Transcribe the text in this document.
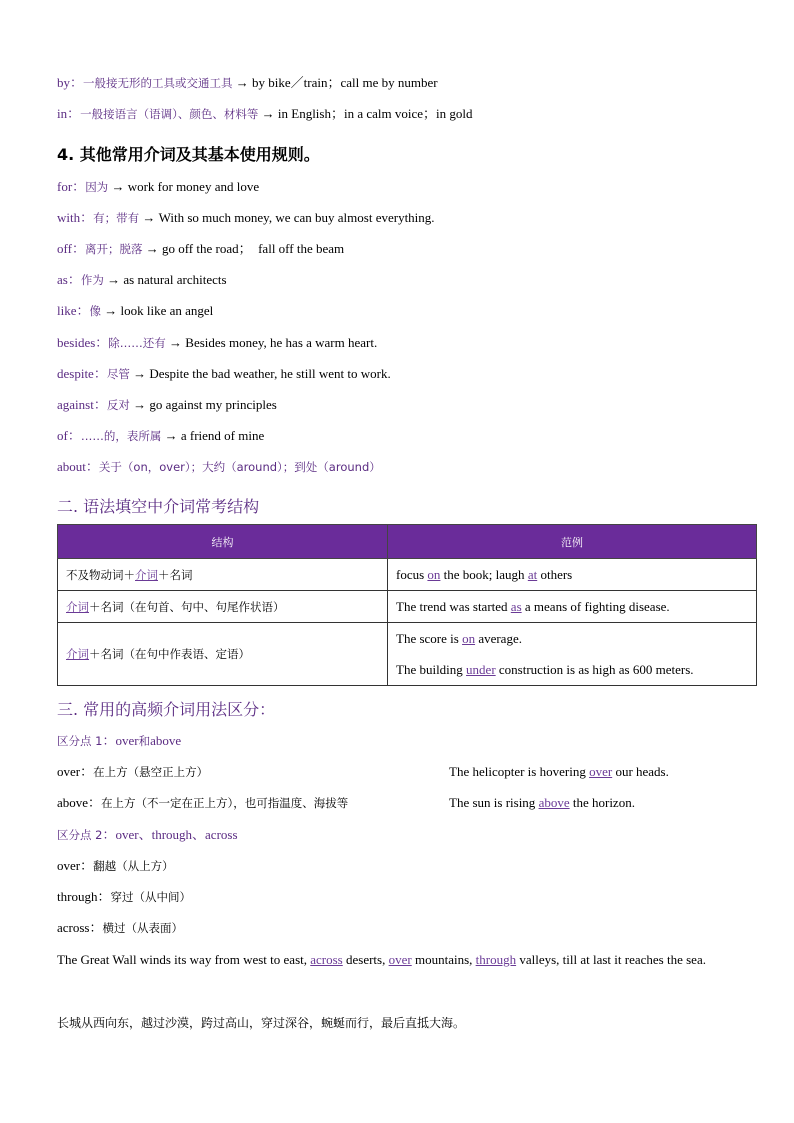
by：一般接无形的工具或交通工具 → by bike／train；call me by number
in：一般接语言（语调）、颜色、材料等 → in English；in a calm voice；in gold
4. 其他常用介词及其基本使用规则。
for：因为 → work for money and love
with：有；带有 → With so much money, we can buy almost everything.
off：离开；脱落 → go off the road；　fall off the beam
as：作为 → as natural architects
like：像 → look like an angel
besides：除……还有 → Besides money, he has a warm heart.
despite：尽管 → Despite the bad weather, he still went to work.
against：反对 → go against my principles
of：……的，表所属 → a friend of mine
about：关于（on，over）；大约（around）；到处（around）
二. 语法填空中介词常考结构
结构	范例
不及物动词＋介词＋名词	focus on the book; laugh at others
介词＋名词（在句首、句中、句尾作状语）	The trend was started as a means of fighting disease.
介词＋名词（在句中作表语、定语）	The score is on average.
The building under construction is as high as 600 meters.
三. 常用的高频介词用法区分：
区分点 1：over和above
over：在上方（悬空正上方）	The helicopter is hovering over our heads.
above：在上方（不一定在正上方），也可指温度、海拔等	The sun is rising above the horizon.
区分点 2：over、through、across
over：翻越（从上方）
through：穿过（从中间）
across：横过（从表面）
The Great Wall winds its way from west to east, across deserts, over mountains, through valleys, till at last it reaches the sea.
长城从西向东，越过沙漠，跨过高山，穿过深谷，蜿蜒而行，最后直抵大海。
